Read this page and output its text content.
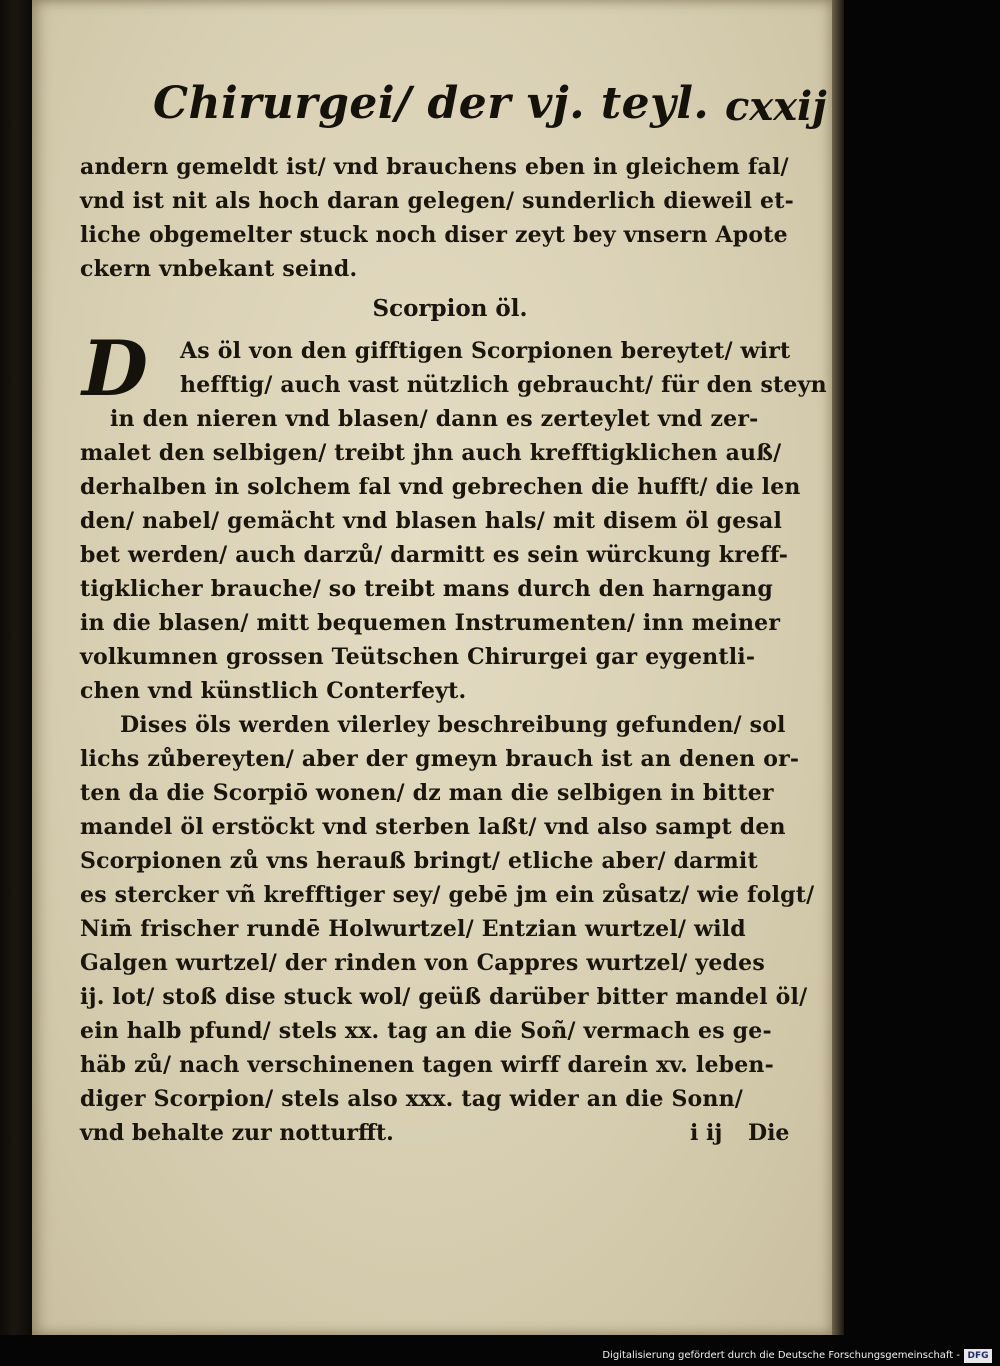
Chirurgei/ der vj. teyl. cxxij
andern gemeldt ist/ vnd brauchens eben in gleichem fal/
vnd ist nit als hoch daran gelegen/ sunderlich dieweil et-
liche obgemelter stuck noch diser zeyt bey vnsern Apote
ckern vnbekant seind.
Scorpion öl.
D	As öl von den gifftigen Scorpionen bereytet/ wirt
hefftig/ auch vast nützlich gebraucht/ für den steyn
in den nieren vnd blasen/ dann es zerteylet vnd zer-
malet den selbigen/ treibt jhn auch krefftigklichen auß/
derhalben in solchem fal vnd gebrechen die hufft/ die len
den/ nabel/ gemächt vnd blasen hals/ mit disem öl gesal
bet werden/ auch darzů/ darmitt es sein würckung kreff-
tigklicher brauche/ so treibt mans durch den harngang
in die blasen/ mitt bequemen Instrumenten/ inn meiner
volkumnen grossen Teütschen Chirurgei gar eygentli-
chen vnd künstlich Conterfeyt.
Dises öls werden vilerley beschreibung gefunden/ sol
lichs zůbereyten/ aber der gmeyn brauch ist an denen or-
ten da die Scorpiō wonen/ dz man die selbigen in bitter
mandel öl erstöckt vnd sterben laßt/ vnd also sampt den
Scorpionen zů vns herauß bringt/ etliche aber/ darmit
es stercker vñ krefftiger sey/ gebē jm ein zůsatz/ wie folgt/
Nim̄ frischer rundē Holwurtzel/ Entzian wurtzel/ wild
Galgen wurtzel/ der rinden von Cappres wurtzel/ yedes
ij. lot/ stoß dise stuck wol/ geüß darüber bitter mandel öl/
ein halb pfund/ stels xx. tag an die Soñ/ vermach es ge-
häb zů/ nach verschinenen tagen wirff darein xv. leben-
diger Scorpion/ stels also xxx. tag wider an die Sonn/
vnd behalte zur notturfft.	i ij Die
Digitalisierung gefördert durch die Deutsche Forschungsgemeinschaft - DFG
